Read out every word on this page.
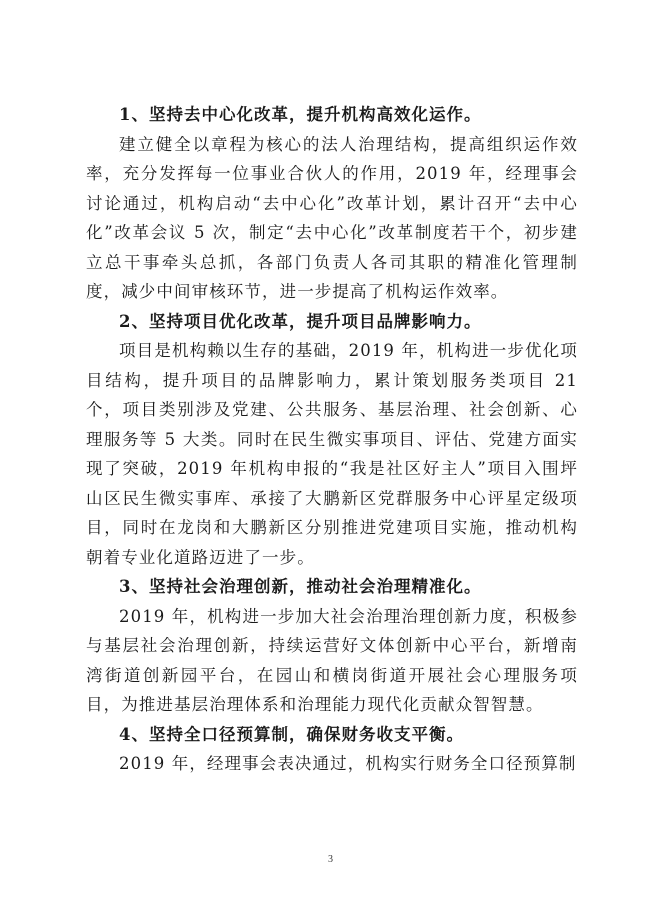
1、坚持去中心化改革，提升机构高效化运作。

建立健全以章程为核心的法人治理结构，提高组织运作效率，充分发挥每一位事业合伙人的作用，2019 年，经理事会讨论通过，机构启动“去中心化”改革计划，累计召开“去中心化”改革会议 5 次，制定“去中心化”改革制度若干个，初步建立总干事牵头总抓，各部门负责人各司其职的精准化管理制度，减少中间审核环节，进一步提高了机构运作效率。

2、坚持项目优化改革，提升项目品牌影响力。

项目是机构赖以生存的基础，2019 年，机构进一步优化项目结构，提升项目的品牌影响力，累计策划服务类项目 21 个，项目类别涉及党建、公共服务、基层治理、社会创新、心理服务等 5 大类。同时在民生微实事项目、评估、党建方面实现了突破，2019 年机构申报的“我是社区好主人”项目入围坪山区民生微实事库、承接了大鹏新区党群服务中心评星定级项目，同时在龙岗和大鹏新区分别推进党建项目实施，推动机构朝着专业化道路迈进了一步。

3、坚持社会治理创新，推动社会治理精准化。

2019 年，机构进一步加大社会治理治理创新力度，积极参与基层社会治理创新，持续运营好文体创新中心平台，新增南湾街道创新园平台，在园山和横岗街道开展社会心理服务项目，为推进基层治理体系和治理能力现代化贡献众智智慧。

4、坚持全口径预算制，确保财务收支平衡。

2019 年，经理事会表决通过，机构实行财务全口径预算制

3
